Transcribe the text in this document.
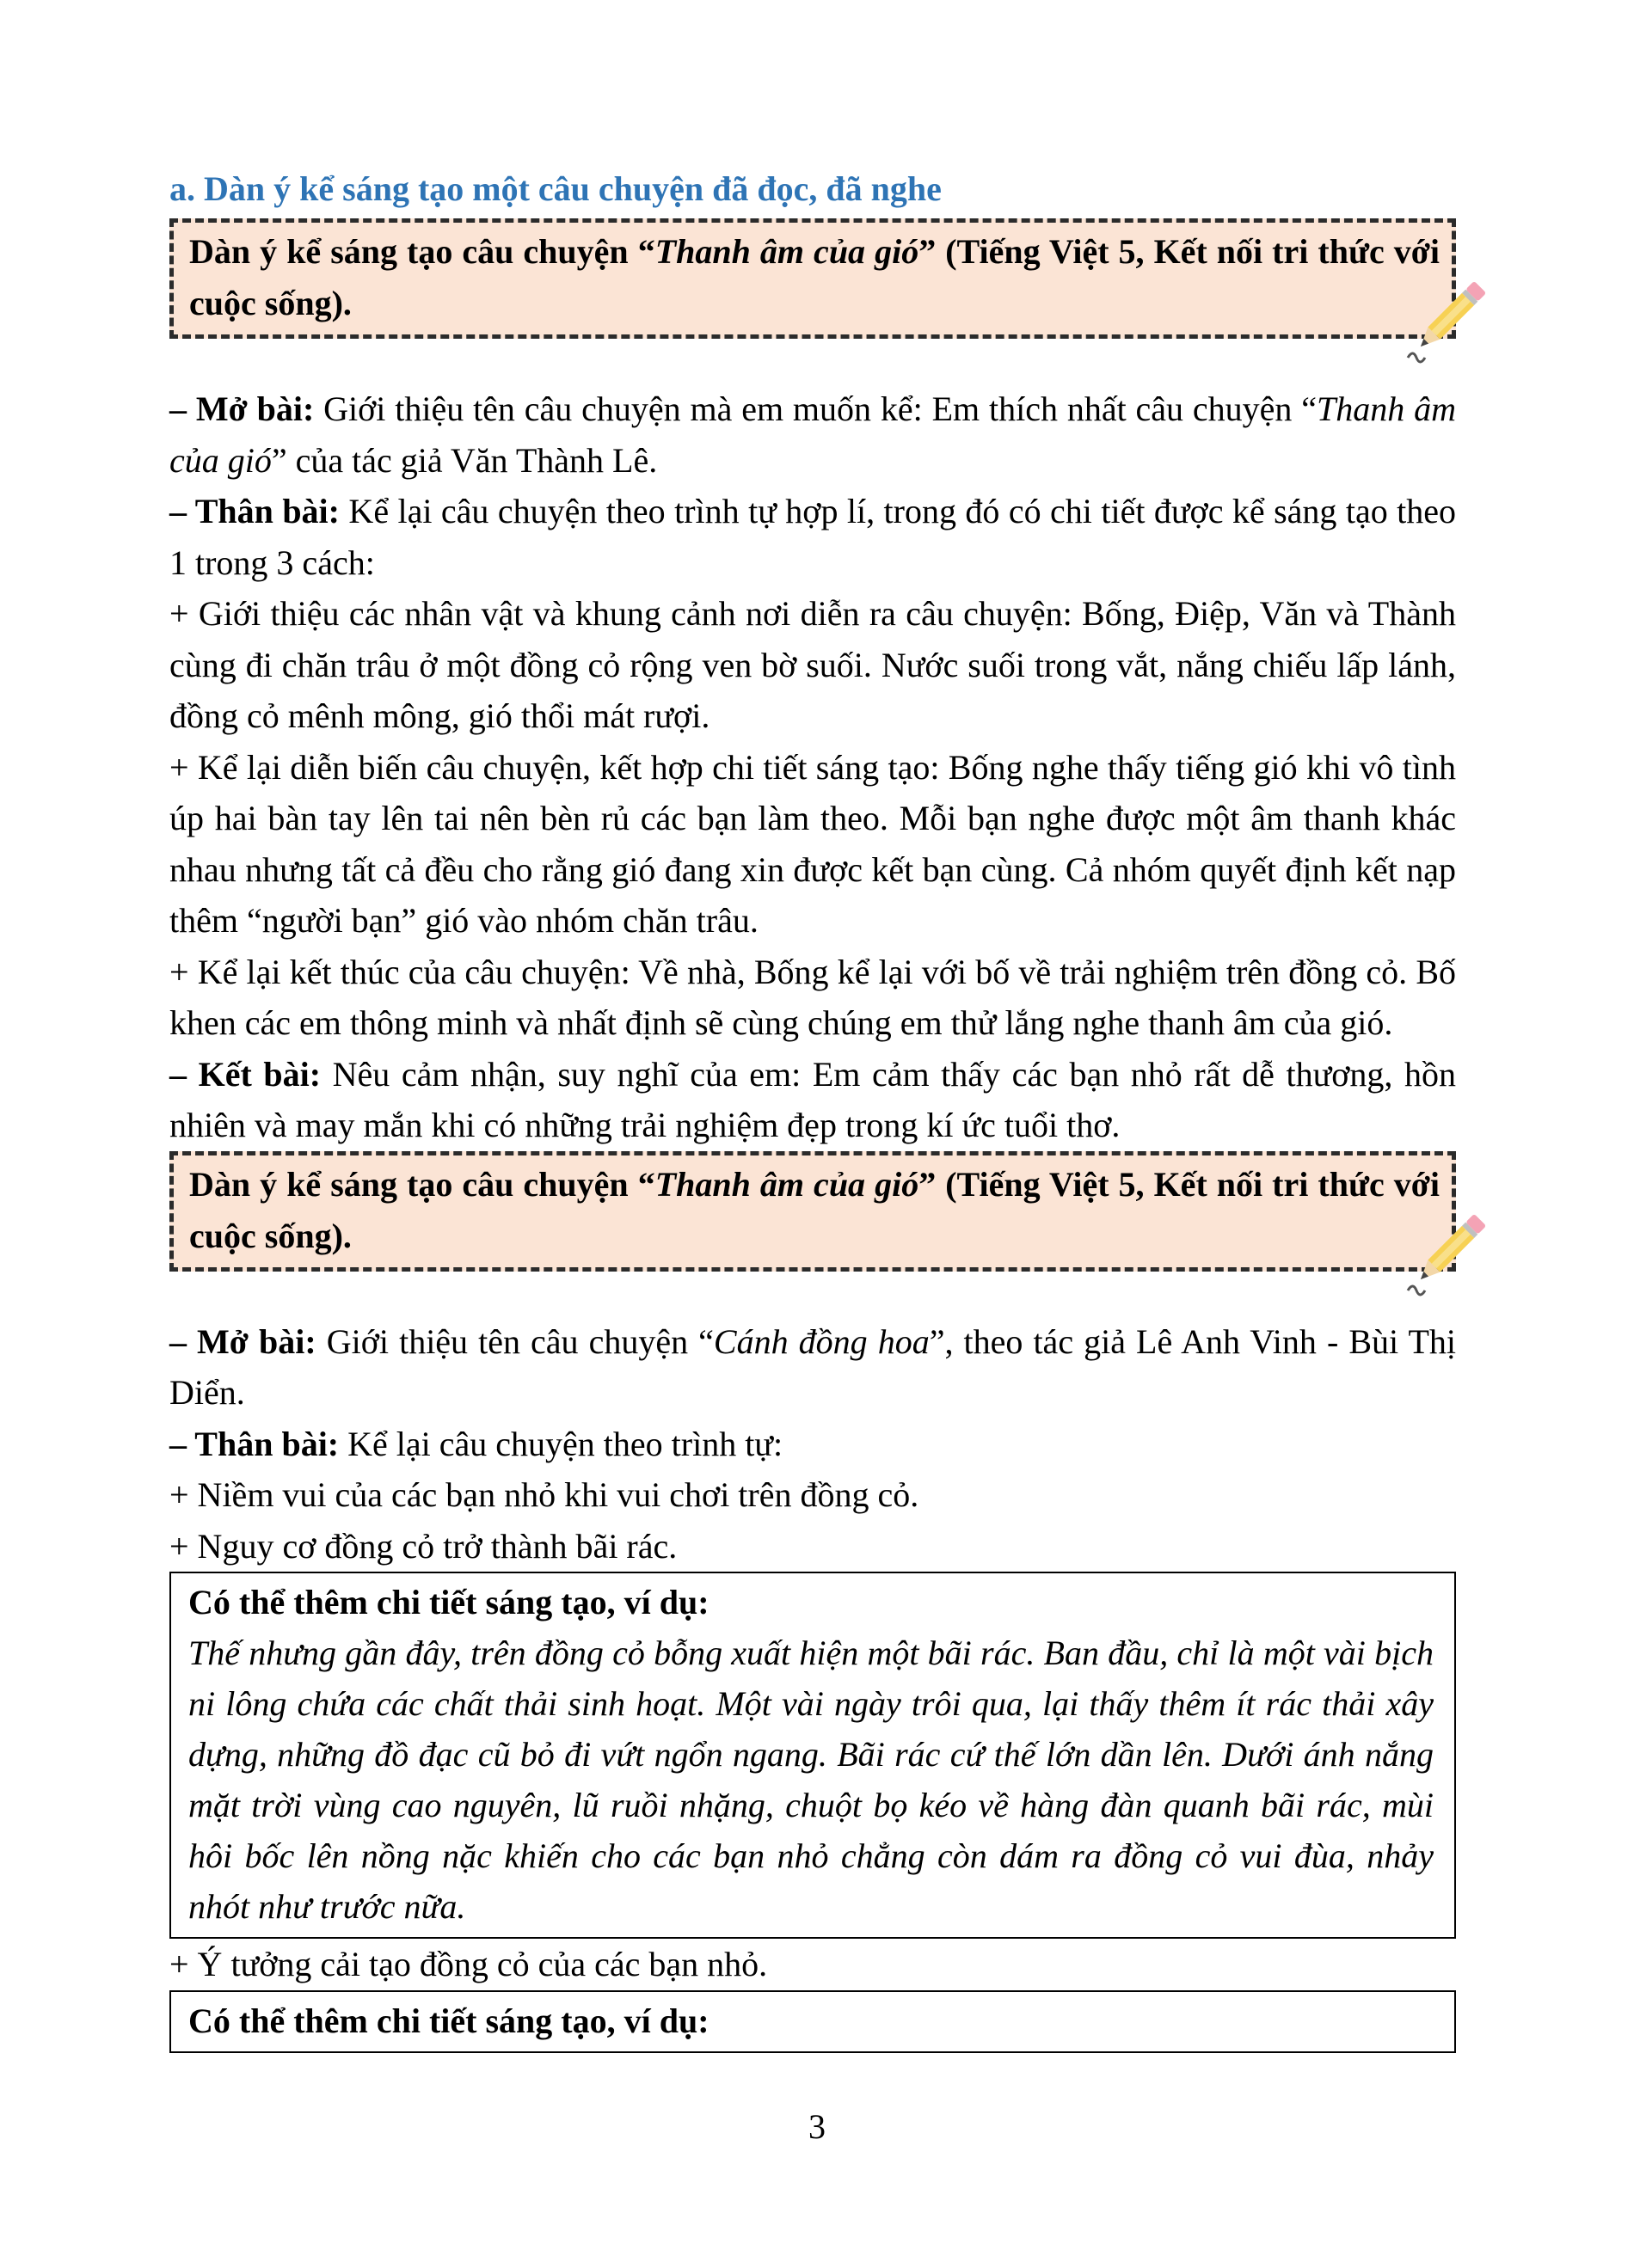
a. Dàn ý kể sáng tạo một câu chuyện đã đọc, đã nghe
Dàn ý kể sáng tạo câu chuyện “Thanh âm của gió” (Tiếng Việt 5, Kết nối tri thức với cuộc sống).

– Mở bài: Giới thiệu tên câu chuyện mà em muốn kể: Em thích nhất câu chuyện “Thanh âm của gió” của tác giả Văn Thành Lê.

– Thân bài: Kể lại câu chuyện theo trình tự hợp lí, trong đó có chi tiết được kể sáng tạo theo 1 trong 3 cách:

+ Giới thiệu các nhân vật và khung cảnh nơi diễn ra câu chuyện: Bống, Điệp, Văn và Thành cùng đi chăn trâu ở một đồng cỏ rộng ven bờ suối. Nước suối trong vắt, nắng chiếu lấp lánh, đồng cỏ mênh mông, gió thổi mát rượi.

+ Kể lại diễn biến câu chuyện, kết hợp chi tiết sáng tạo: Bống nghe thấy tiếng gió khi vô tình úp hai bàn tay lên tai nên bèn rủ các bạn làm theo. Mỗi bạn nghe được một âm thanh khác nhau nhưng tất cả đều cho rằng gió đang xin được kết bạn cùng. Cả nhóm quyết định kết nạp thêm “người bạn” gió vào nhóm chăn trâu.

+ Kể lại kết thúc của câu chuyện: Về nhà, Bống kể lại với bố về trải nghiệm trên đồng cỏ. Bố khen các em thông minh và nhất định sẽ cùng chúng em thử lắng nghe thanh âm của gió.

– Kết bài: Nêu cảm nhận, suy nghĩ của em: Em cảm thấy các bạn nhỏ rất dễ thương, hồn nhiên và may mắn khi có những trải nghiệm đẹp trong kí ức tuổi thơ.

Dàn ý kể sáng tạo câu chuyện “Thanh âm của gió” (Tiếng Việt 5, Kết nối tri thức với cuộc sống).

– Mở bài: Giới thiệu tên câu chuyện “Cánh đồng hoa”, theo tác giả Lê Anh Vinh - Bùi Thị Diển.

– Thân bài: Kể lại câu chuyện theo trình tự:

+ Niềm vui của các bạn nhỏ khi vui chơi trên đồng cỏ.

+ Nguy cơ đồng cỏ trở thành bãi rác.

Có thể thêm chi tiết sáng tạo, ví dụ:
Thế nhưng gần đây, trên đồng cỏ bỗng xuất hiện một bãi rác. Ban đầu, chỉ là một vài bịch ni lông chứa các chất thải sinh hoạt. Một vài ngày trôi qua, lại thấy thêm ít rác thải xây dựng, những đồ đạc cũ bỏ đi vứt ngổn ngang. Bãi rác cứ thế lớn dần lên. Dưới ánh nắng mặt trời vùng cao nguyên, lũ ruồi nhặng, chuột bọ kéo về hàng đàn quanh bãi rác, mùi hôi bốc lên nồng nặc khiến cho các bạn nhỏ chẳng còn dám ra đồng cỏ vui đùa, nhảy nhót như trước nữa.

+ Ý tưởng cải tạo đồng cỏ của các bạn nhỏ.

Có thể thêm chi tiết sáng tạo, ví dụ:
3
